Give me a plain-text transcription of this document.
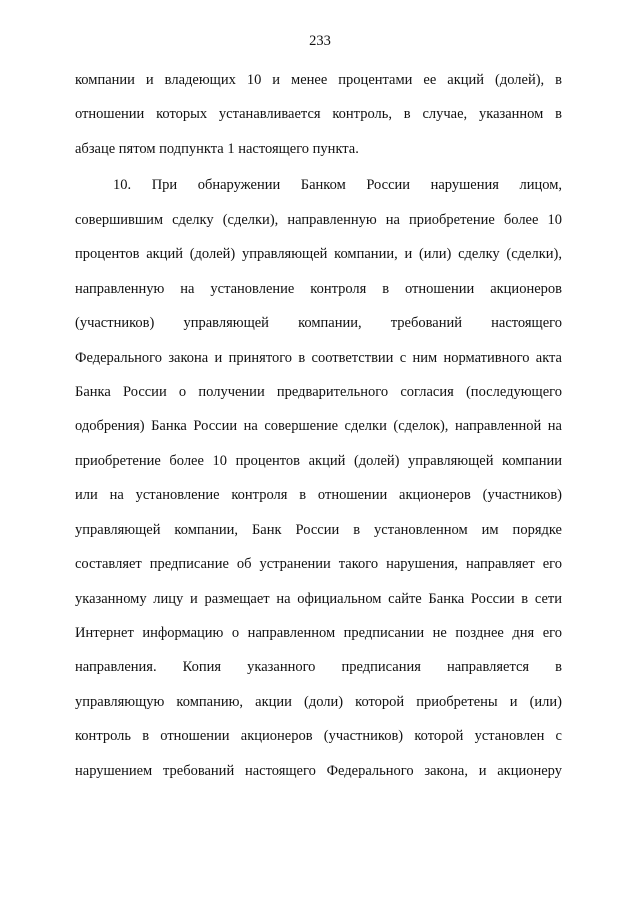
233
компании и владеющих 10 и менее процентами ее акций (долей), в
отношении которых устанавливается контроль, в случае, указанном в
абзаце пятом подпункта 1 настоящего пункта.
10. При обнаружении Банком России нарушения лицом,
совершившим сделку (сделки), направленную на приобретение более 10
процентов акций (долей) управляющей компании, и (или) сделку (сделки),
направленную на установление контроля в отношении акционеров
(участников) управляющей компании, требований настоящего
Федерального закона и принятого в соответствии с ним нормативного акта
Банка России о получении предварительного согласия (последующего
одобрения) Банка России на совершение сделки (сделок), направленной на
приобретение более 10 процентов акций (долей) управляющей компании
или на установление контроля в отношении акционеров (участников)
управляющей компании, Банк России в установленном им порядке
составляет предписание об устранении такого нарушения, направляет его
указанному лицу и размещает на официальном сайте Банка России в сети
Интернет информацию о направленном предписании не позднее дня его
направления. Копия указанного предписания направляется в
управляющую компанию, акции (доли) которой приобретены и (или)
контроль в отношении акционеров (участников) которой установлен с
нарушением требований настоящего Федерального закона, и акционеру
